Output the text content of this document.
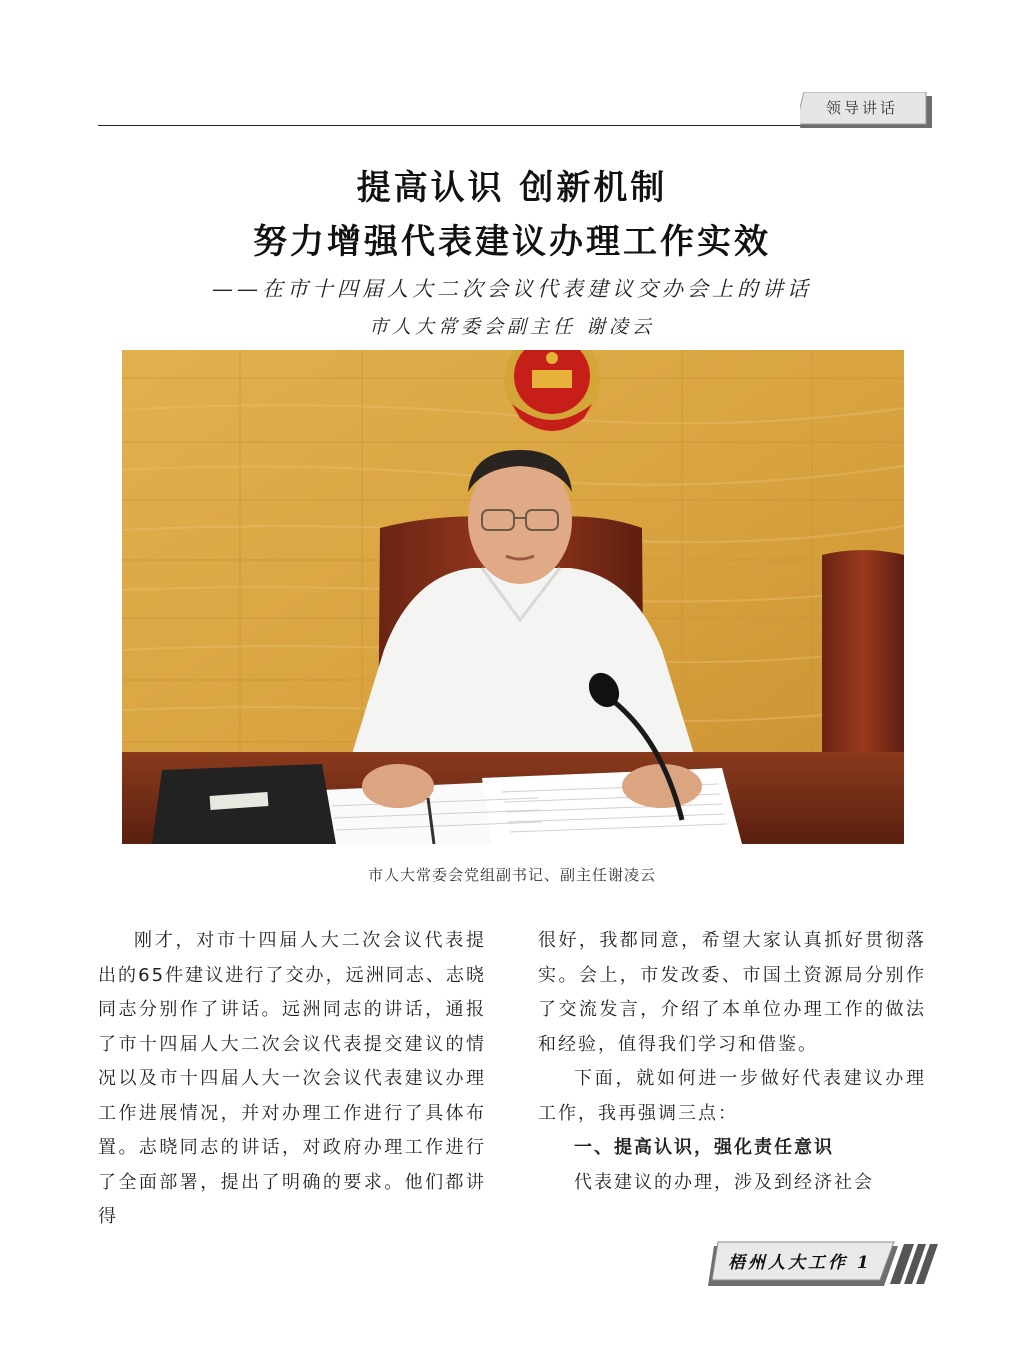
领导讲话
提高认识 创新机制
努力增强代表建议办理工作实效
——在市十四届人大二次会议代表建议交办会上的讲话
市人大常委会副主任 谢凌云
市人大常委会党组副书记、副主任谢凌云

刚才，对市十四届人大二次会议代表提出的65件建议进行了交办，远洲同志、志晓同志分别作了讲话。远洲同志的讲话，通报了市十四届人大二次会议代表提交建议的情况以及市十四届人大一次会议代表建议办理工作进展情况，并对办理工作进行了具体布置。志晓同志的讲话，对政府办理工作进行了全面部署，提出了明确的要求。他们都讲得

很好，我都同意，希望大家认真抓好贯彻落实。会上，市发改委、市国土资源局分别作了交流发言，介绍了本单位办理工作的做法和经验，值得我们学习和借鉴。

下面，就如何进一步做好代表建议办理工作，我再强调三点：

一、提高认识，强化责任意识

代表建议的办理，涉及到经济社会

梧州人大工作 1
